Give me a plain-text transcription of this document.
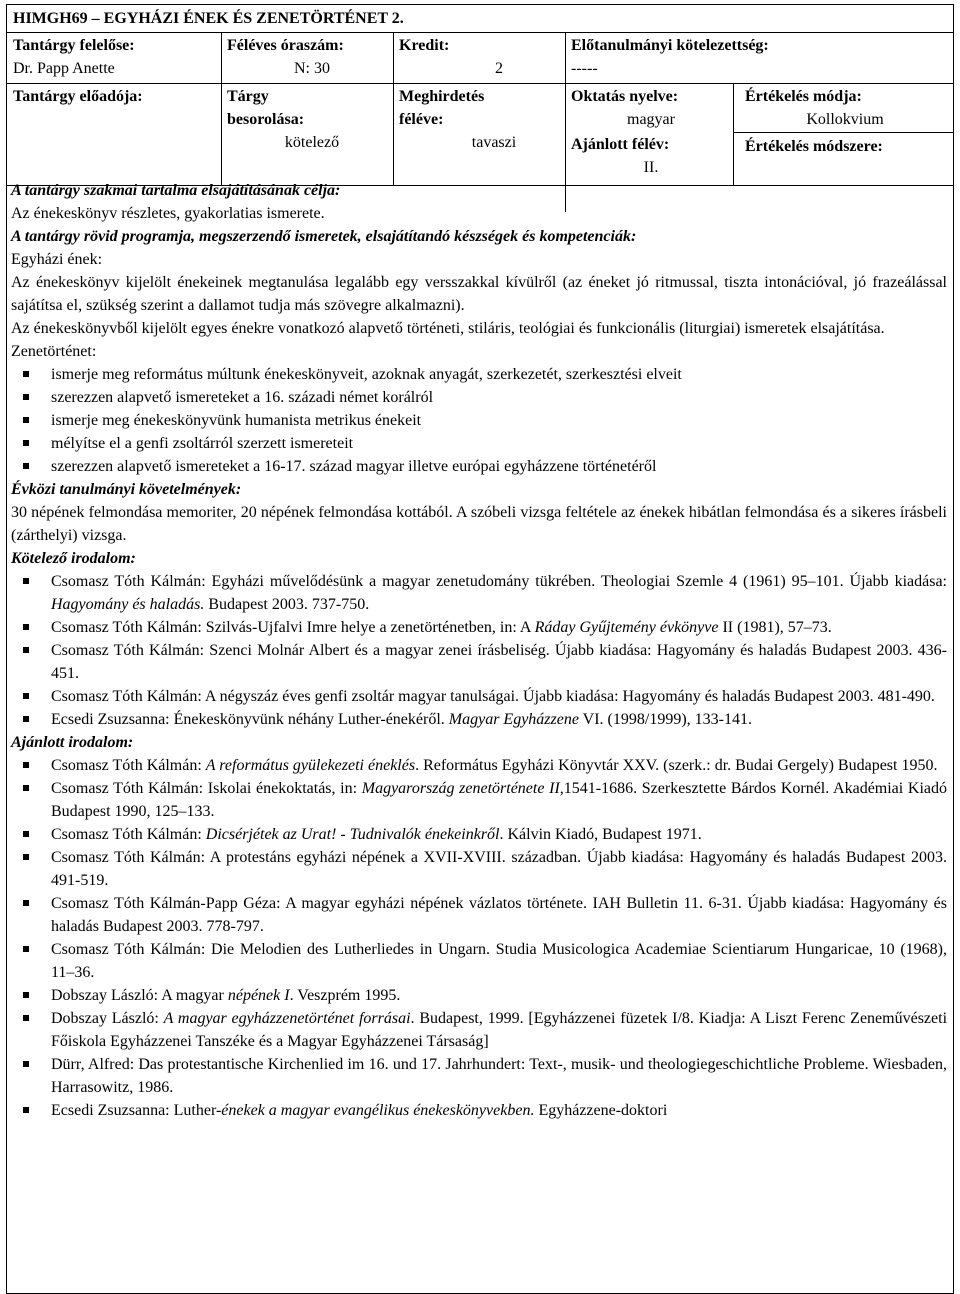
HIMGH69 – EGYHÁZI ÉNEK ÉS ZENETÖRTÉNET 2.
Tantárgy felelőse:
Dr. Papp Anette
Féléves óraszám:
N: 30
Kredit:
2
Előtanulmányi kötelezettség:
-----
Tantárgy előadója:	Tárgy
besorolása:
kötelező
Meghirdetés
féléve:
tavaszi
Oktatás nyelve:
magyar
Ajánlott félév:
II.
Értékelés módja:
Kollokvium
Értékelés módszere:
A tantárgy szakmai tartalma elsajátításának célja:
Az énekeskönyv részletes, gyakorlatias ismerete.
A tantárgy rövid programja, megszerzendő ismeretek, elsajátítandó készségek és kompetenciák:
Egyházi ének:
Az énekeskönyv kijelölt énekeinek megtanulása legalább egy versszakkal kívülről (az éneket jó ritmussal, tiszta intonációval, jó frazeálással sajátítsa el, szükség szerint a dallamot tudja más szövegre alkalmazni).
Az énekeskönyvből kijelölt egyes énekre vonatkozó alapvető történeti, stiláris, teológiai és funkcionális (liturgiai) ismeretek elsajátítása.
Zenetörténet:
ismerje meg református múltunk énekeskönyveit, azoknak anyagát, szerkezetét, szerkesztési elveit
szerezzen alapvető ismereteket a 16. századi német korálról
ismerje meg énekeskönyvünk humanista metrikus énekeit
mélyítse el a genfi zsoltárról szerzett ismereteit
szerezzen alapvető ismereteket a 16-17. század magyar illetve európai egyházzene történetéről
Évközi tanulmányi követelmények:
30 népének felmondása memoriter, 20 népének felmondása kottából. A szóbeli vizsga feltétele az énekek hibátlan felmondása és a sikeres írásbeli (zárthelyi) vizsga.
Kötelező irodalom:
Csomasz Tóth Kálmán: Egyházi művelődésünk a magyar zenetudomány tükrében. Theologiai Szemle 4 (1961) 95–101. Újabb kiadása: Hagyomány és haladás. Budapest 2003. 737-750.
Csomasz Tóth Kálmán: Szilvás-Ujfalvi Imre helye a zenetörténetben, in: A Ráday Gyűjtemény évkönyve II (1981), 57–73.
Csomasz Tóth Kálmán: Szenci Molnár Albert és a magyar zenei írásbeliség. Újabb kiadása: Hagyomány és haladás Budapest 2003. 436-451.
Csomasz Tóth Kálmán: A négyszáz éves genfi zsoltár magyar tanulságai. Újabb kiadása: Hagyomány és haladás Budapest 2003. 481-490.
Ecsedi Zsuzsanna: Énekeskönyvünk néhány Luther-énekéről. Magyar Egyházzene VI. (1998/1999), 133-141.
Ajánlott irodalom:
Csomasz Tóth Kálmán: A református gyülekezeti éneklés. Református Egyházi Könyvtár XXV. (szerk.: dr. Budai Gergely) Budapest 1950.
Csomasz Tóth Kálmán: Iskolai énekoktatás, in: Magyarország zenetörténete II,1541-1686. Szerkesztette Bárdos Kornél. Akadémiai Kiadó Budapest 1990, 125–133.
Csomasz Tóth Kálmán: Dicsérjétek az Urat! - Tudnivalók énekeinkről. Kálvin Kiadó, Budapest 1971.
Csomasz Tóth Kálmán: A protestáns egyházi népének a XVII-XVIII. században. Újabb kiadása: Hagyomány és haladás Budapest 2003. 491-519.
Csomasz Tóth Kálmán-Papp Géza: A magyar egyházi népének vázlatos története. IAH Bulletin 11. 6-31. Újabb kiadása: Hagyomány és haladás Budapest 2003. 778-797.
Csomasz Tóth Kálmán: Die Melodien des Lutherliedes in Ungarn. Studia Musicologica Academiae Scientiarum Hungaricae, 10 (1968), 11–36.
Dobszay László: A magyar népének I. Veszprém 1995.
Dobszay László: A magyar egyházzenetörténet forrásai. Budapest, 1999. [Egyházzenei füzetek I/8. Kiadja: A Liszt Ferenc Zeneművészeti Főiskola Egyházzenei Tanszéke és a Magyar Egyházzenei Társaság]
Dürr, Alfred: Das protestantische Kirchenlied im 16. und 17. Jahrhundert: Text-, musik- und theologiegeschichtliche Probleme. Wiesbaden, Harrasowitz, 1986.
Ecsedi Zsuzsanna: Luther-énekek a magyar evangélikus énekeskönyvekben. Egyházzene-doktori
